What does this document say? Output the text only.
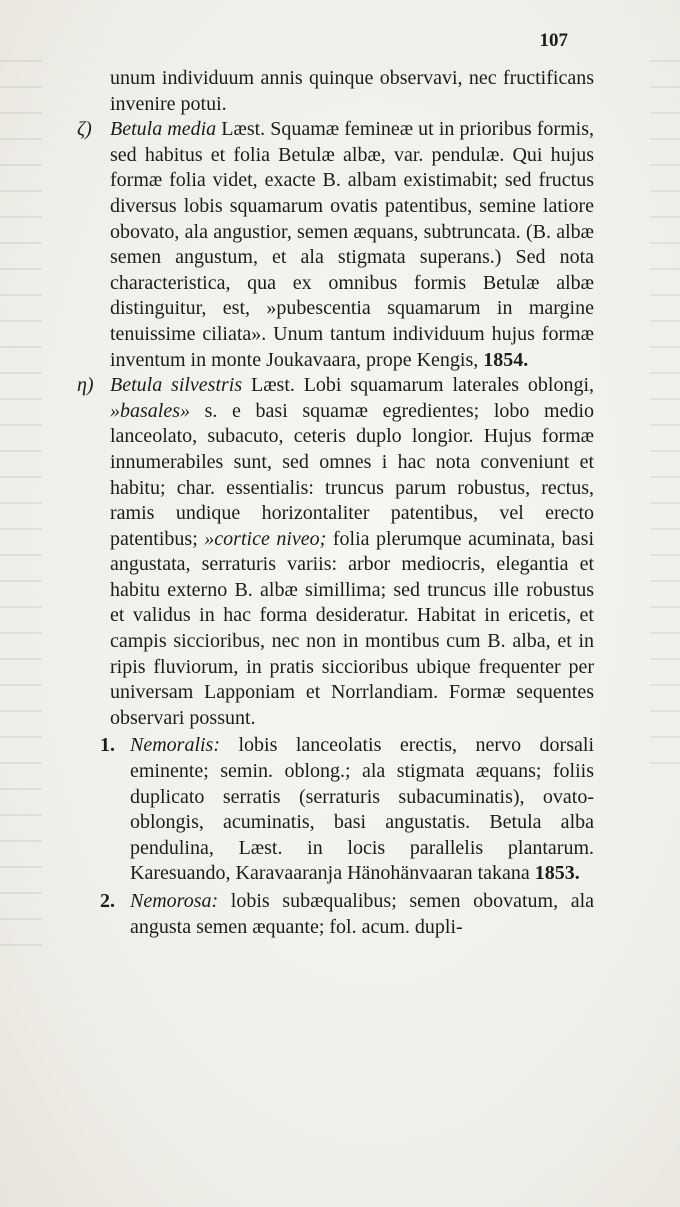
107

unum individuum annis quinque observavi, nec fructificans invenire potui.

ζ) Betula media Læst. Squamæ femineæ ut in prioribus formis, sed habitus et folia Betulæ albæ, var. pendulæ. Qui hujus formæ folia videt, exacte B. albam existimabit; sed fructus diversus lobis squamarum ovatis patentibus, semine latiore obovato, ala angustior, semen æquans, subtruncata. (B. albæ semen angustum, et ala stigmata superans.) Sed nota characteristica, qua ex omnibus formis Betulæ albæ distinguitur, est, »pubescentia squamarum in margine tenuissime ciliata». Unum tantum individuum hujus formæ inventum in monte Joukavaara, prope Kengis, 1854.

η) Betula silvestris Læst. Lobi squamarum laterales oblongi, »basales» s. e basi squamæ egredientes; lobo medio lanceolato, subacuto, ceteris duplo longior. Hujus formæ innumerabiles sunt, sed omnes i hac nota conveniunt et habitu; char. essentialis: truncus parum robustus, rectus, ramis undique horizontaliter patentibus, vel erecto patentibus; »cortice niveo; folia plerumque acuminata, basi angustata, serraturis variis: arbor mediocris, elegantia et habitu externo B. albæ simillima; sed truncus ille robustus et validus in hac forma desideratur. Habitat in ericetis, et campis siccioribus, nec non in montibus cum B. alba, et in ripis fluviorum, in pratis siccioribus ubique frequenter per universam Lapponiam et Norrlandiam. Formæ sequentes observari possunt.

1. Nemoralis: lobis lanceolatis erectis, nervo dorsali eminente; semin. oblong.; ala stigmata æquans; foliis duplicato serratis (serraturis subacuminatis), ovato-oblongis, acuminatis, basi angustatis. Betula alba pendulina, Læst. in locis parallelis plantarum. Karesuando, Karavaaranja Hänohänvaaran takana 1853.

2. Nemorosa: lobis subæqualibus; semen obovatum, ala angusta semen æquante; fol. acum. dupli-
